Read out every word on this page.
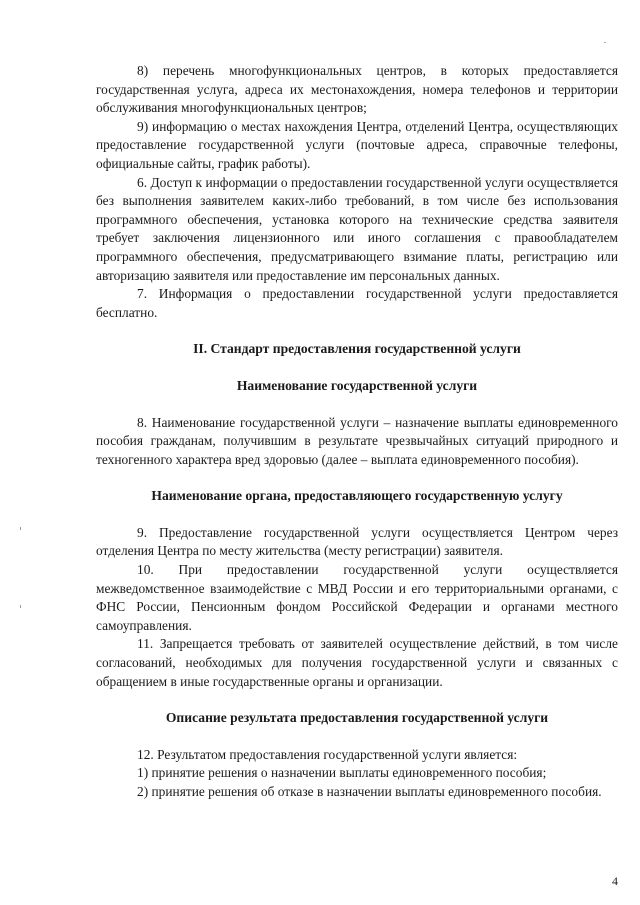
8) перечень многофункциональных центров, в которых предоставляется государственная услуга, адреса их местонахождения, номера телефонов и территории обслуживания многофункциональных центров;

9) информацию о местах нахождения Центра, отделений Центра, осуществляющих предоставление государственной услуги (почтовые адреса, справочные телефоны, официальные сайты, график работы).

6. Доступ к информации о предоставлении государственной услуги осуществляется без выполнения заявителем каких-либо требований, в том числе без использования программного обеспечения, установка которого на технические средства заявителя требует заключения лицензионного или иного соглашения с правообладателем программного обеспечения, предусматривающего взимание платы, регистрацию или авторизацию заявителя или предоставление им персональных данных.

7. Информация о предоставлении государственной услуги предоставляется бесплатно.

II. Стандарт предоставления государственной услуги

Наименование государственной услуги

8. Наименование государственной услуги – назначение выплаты единовременного пособия гражданам, получившим в результате чрезвычайных ситуаций природного и техногенного характера вред здоровью (далее – выплата единовременного пособия).

Наименование органа, предоставляющего государственную услугу

9. Предоставление государственной услуги осуществляется Центром через отделения Центра по месту жительства (месту регистрации) заявителя.

10. При предоставлении государственной услуги осуществляется межведомственное взаимодействие с МВД России и его территориальными органами, с ФНС России, Пенсионным фондом Российской Федерации и органами местного самоуправления.

11. Запрещается требовать от заявителей осуществление действий, в том числе согласований, необходимых для получения государственной услуги и связанных с обращением в иные государственные органы и организации.

Описание результата предоставления государственной услуги

12. Результатом предоставления государственной услуги является:

1) принятие решения о назначении выплаты единовременного пособия;

2) принятие решения об отказе в назначении выплаты единовременного пособия.

4
